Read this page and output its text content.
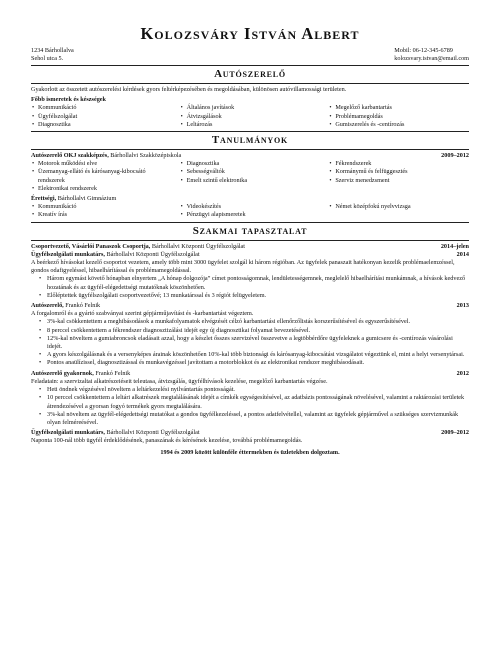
Kolozsváry István Albert
1234 Bárhollalva
Sehol utca 5.
Mobil: 06-12-345-6789
kolozsvary.istvan@email.com
Autószerelő
Gyakorlott az összetett autószerelési kérdések gyors feltérképezésében és megoldásában, különösen autóvillamossági területen.
Főbb ismeretek és készségek
• Kommunikáció
• Ügyfélszolgálat
• Diagnosztika
• Általános javítások
• Átvizsgálások
• Leltározás
• Megelőző karbantartás
• Problémamegoldás
• Gumiszerelés és -centírozás
Tanulmányok
Autószerelő OKJ szakképzés, Bárhollalvi Szakközépiskola	2009–2012
• Motorok működési elve
• Üzemanyag-ellátó és kárósanyag-kibocsátó rendszerek
• Elektronikai rendszerek
• Diagnosztika
• Sebességváltók
• Emelt szintű elektronika
• Fékrendszerek
• Kormánymű és felfüggesztés
• Szerviz menedzsment
Érettségi, Bárhollalvi Gimnázium
• Kommunikáció
• Kreatív írás
• Videokészítés
• Pénzügyi alapismeretek
• Német középfokú nyelvvizsga
Szakmai tapasztalat
Csoportvezető, Vásárlói Panaszok Csoportja, Bárhollalvi Központi Ügyfélszolgálat	2014–jelen
Ügyfélszolgálati munkatárs, Bárhollalvi Központi Ügyfélszolgálat	2014
A beérkező hívásokat kezelő csoportot vezetem, amely több mint 3000 ügyfelet szolgál ki három régióban. Az ügyfelek panaszait hatékonyan kezelik problémaelemzéssel, gondos odafigyeléssel, hibaelhárítással és problémamegoldással.
• Három egymást követő hónapban elnyertem „A hónap dolgozója” címet pontosságomnak, lendületességemnek, meglelelő hibaelhárítási munkámnak, a hívások kedvező hozatának és az ügyfél-elégedettségi mutatóknak köszönhetően.
• Előléptettek ügyfélszolgálati csoportvezetővé; 13 munkatárssal és 3 régiót felügyeletem.
Autószerelő, Frankó Felnik	2013
A forgalomról és a gyártó szabványai szerint gépjárműjavítást és -karbantartást végeztem.
• 3%-kal csökkentettem a meghibásodások a munkafolyamatok elvégzését célzó karbantartási ellenőrzőlistás korszerűsítésével és egyszerűsítésével.
• 8 perccel csökkentettem a fékrendszer diagnosztizálási idejét egy új diagnosztikai folyamat bevezetésével.
• 12%-kal növeltem a gumiabroncsok eladásait azzal, hogy a készlet ősszes szervizével összevetve a legtöbbérdőre ügyfeleknek a gumicsere és -centírozás vásárolási idejét.
• A gyors készolgálásnak és a versenyképes árainak köszönhetően 10%-kal több biztonsági és kárósanyag-kibocsátási vizsgálatot végeztünk el, mint a helyi versenytársai.
• Pontos anaülízissel, diagnosztizással és munkavégzéssel javítottam a motorblokkot és az elektronikai rendszer meghibásodásait.
Autószerelő gyakornok, Frankó Felnik	2012
Feladatain: a szervizaltai alkatrészeiéseit teleutasa, átvizsgálás, ügyfélhívások kezelése, megelőző karbantartás végzése.
• Heti öndnek végzésével növeltem a leltárkezelési nyilvántartás pontosságát.
• 10 perccel csökkentettem a leltári alkatrészek megtalálásának idejét a címkék egységesítésével, az adatbázis pontosságának növelésével, valamint a raktározási területek átrendezésével a gyorsan fogyó termékek gyors megtalálására.
• 3%-kal növeltem az ügyfél-elégedettségi mutatókat a gondos ügyfélkezeléssel, a pontos adatfelvétellel, valamint az ügyfelek gépjárművel a szükséges szervizmunkák olyan felméreésével.
Ügyfélszolgálati munkatárs, Bárhollalvi Központi Ügyfélszolgálat	2009–2012
Naponta 100-nál több ügyfél érdeklődésének, panaszának és kérésének kezelése, továbbá problémamegoldás.
1994 és 2009 között különféle éttermekben és üzletekben dolgoztam.
